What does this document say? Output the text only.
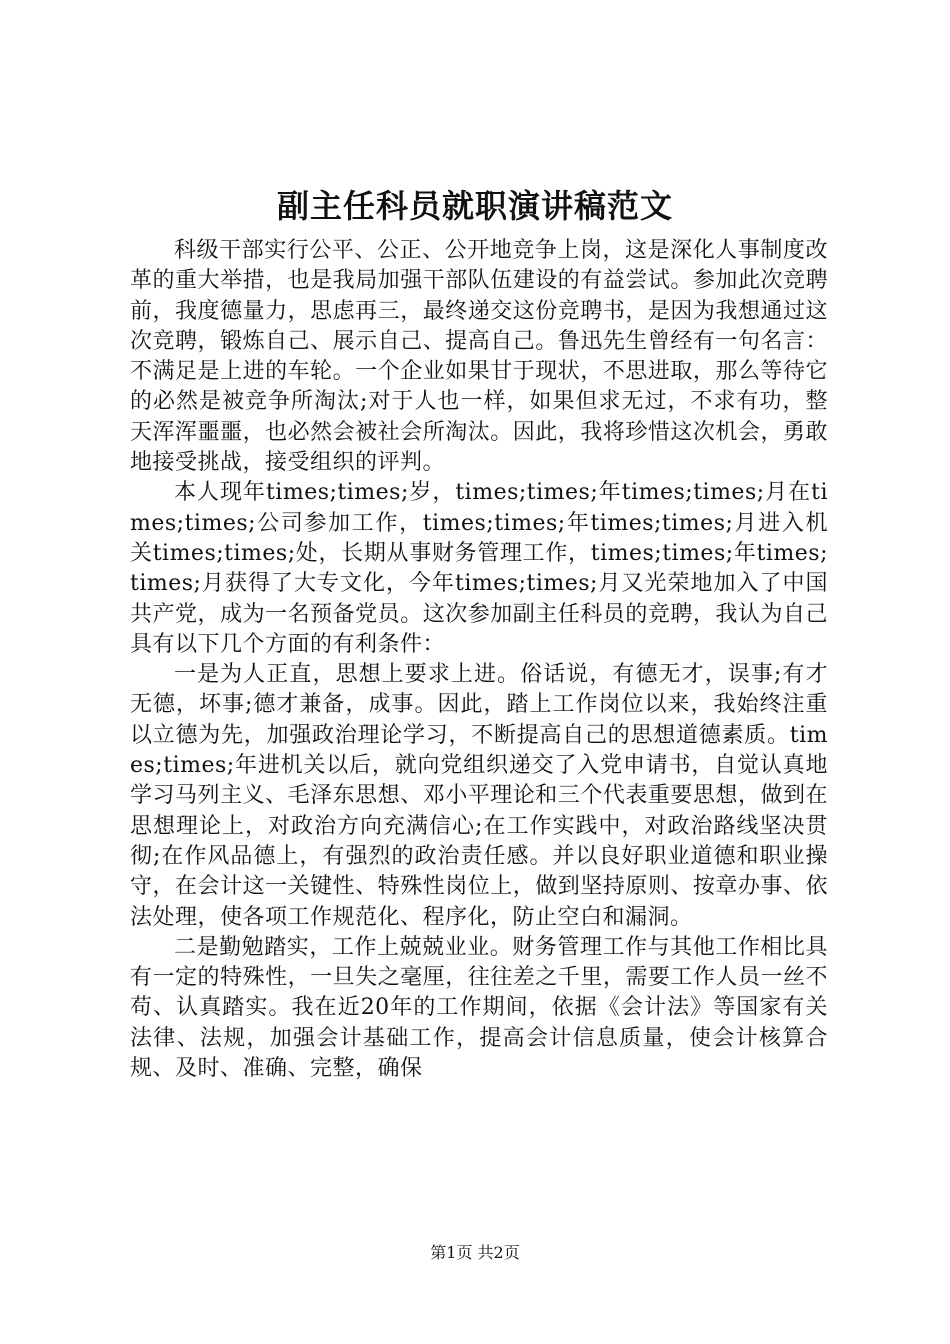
副主任科员就职演讲稿范文

科级干部实行公平、公正、公开地竞争上岗，这是深化人事制度改革的重大举措，也是我局加强干部队伍建设的有益尝试。参加此次竞聘前，我度德量力，思虑再三，最终递交这份竞聘书，是因为我想通过这次竞聘，锻炼自己、展示自己、提高自己。鲁迅先生曾经有一句名言：不满足是上进的车轮。一个企业如果甘于现状，不思进取，那么等待它的必然是被竞争所淘汰;对于人也一样，如果但求无过，不求有功，整天浑浑噩噩，也必然会被社会所淘汰。因此，我将珍惜这次机会，勇敢地接受挑战，接受组织的评判。

本人现年times;times;岁，times;times;年times;times;月在times;times;公司参加工作，times;times;年times;times;月进入机关times;times;处，长期从事财务管理工作，times;times;年times;times;月获得了大专文化，今年times;times;月又光荣地加入了中国共产党，成为一名预备党员。这次参加副主任科员的竞聘，我认为自己具有以下几个方面的有利条件：

一是为人正直，思想上要求上进。俗话说，有德无才，误事;有才无德，坏事;德才兼备，成事。因此，踏上工作岗位以来，我始终注重以立德为先，加强政治理论学习，不断提高自己的思想道德素质。times;times;年进机关以后，就向党组织递交了入党申请书，自觉认真地学习马列主义、毛泽东思想、邓小平理论和三个代表重要思想，做到在思想理论上，对政治方向充满信心;在工作实践中，对政治路线坚决贯彻;在作风品德上，有强烈的政治责任感。并以良好职业道德和职业操守，在会计这一关键性、特殊性岗位上，做到坚持原则、按章办事、依法处理，使各项工作规范化、程序化，防止空白和漏洞。

二是勤勉踏实，工作上兢兢业业。财务管理工作与其他工作相比具有一定的特殊性，一旦失之毫厘，往往差之千里，需要工作人员一丝不苟、认真踏实。我在近20年的工作期间，依据《会计法》等国家有关法律、法规，加强会计基础工作，提高会计信息质量，使会计核算合规、及时、准确、完整，确保

第1页 共2页
